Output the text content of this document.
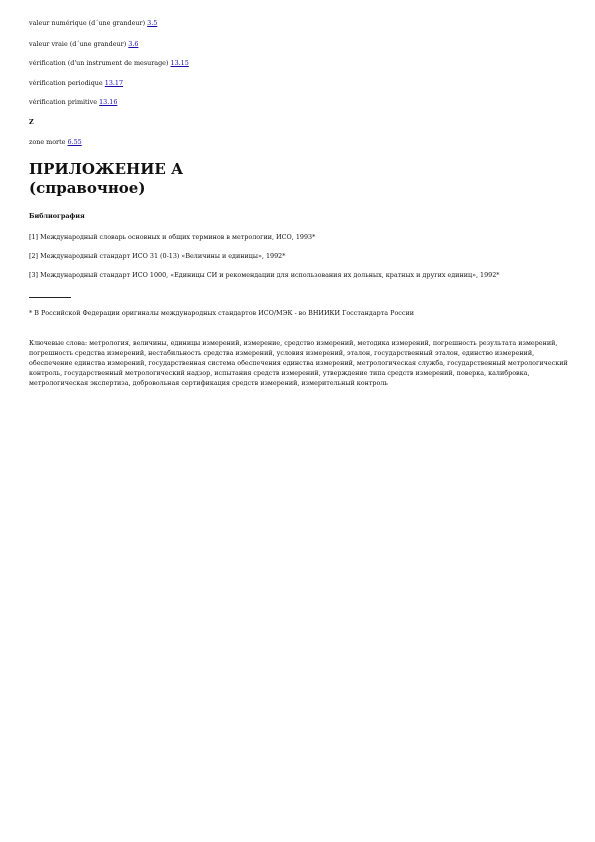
valeur numérique (d´une grandeur) 3.5
valeur vraie (d´une grandeur) 3.6
vérification (d'un instrument de mesurage) 13.15
vérification periodique 13.17
vérification primitive 13.16
Z
zone morte 6.55
ПРИЛОЖЕНИЕ А
(справочное)
Библиография
[1] Международный словарь основных и общих терминов в метрологии, ИСО, 1993*
[2] Международный стандарт ИСО 31 (0-13) «Величины и единицы», 1992*
[3] Международный стандарт ИСО 1000, «Единицы СИ и рекомендации для использования их дольных, кратных и других единиц», 1992*
* В Российской Федерации оригиналы международных стандартов ИСО/МЭК - во ВНИИКИ Госстандарта России
Ключевые слова: метрология, величины, единицы измерений, измерение, средство измерений, методика измерений, погрешность результата измерений, погрешность средства измерений, нестабильность средства измерений, условия измерений, эталон, государственный эталон, единство измерений, обеспечение единства измерений, государственная система обеспечения единства измерений, метрологическая служба, государственный метрологический контроль, государственный метрологический надзор, испытания средств измерений, утверждение типа средств измерений, поверка, калибровка, метрологическая экспертиза, добровольная сертификация средств измерений, измерительный контроль
